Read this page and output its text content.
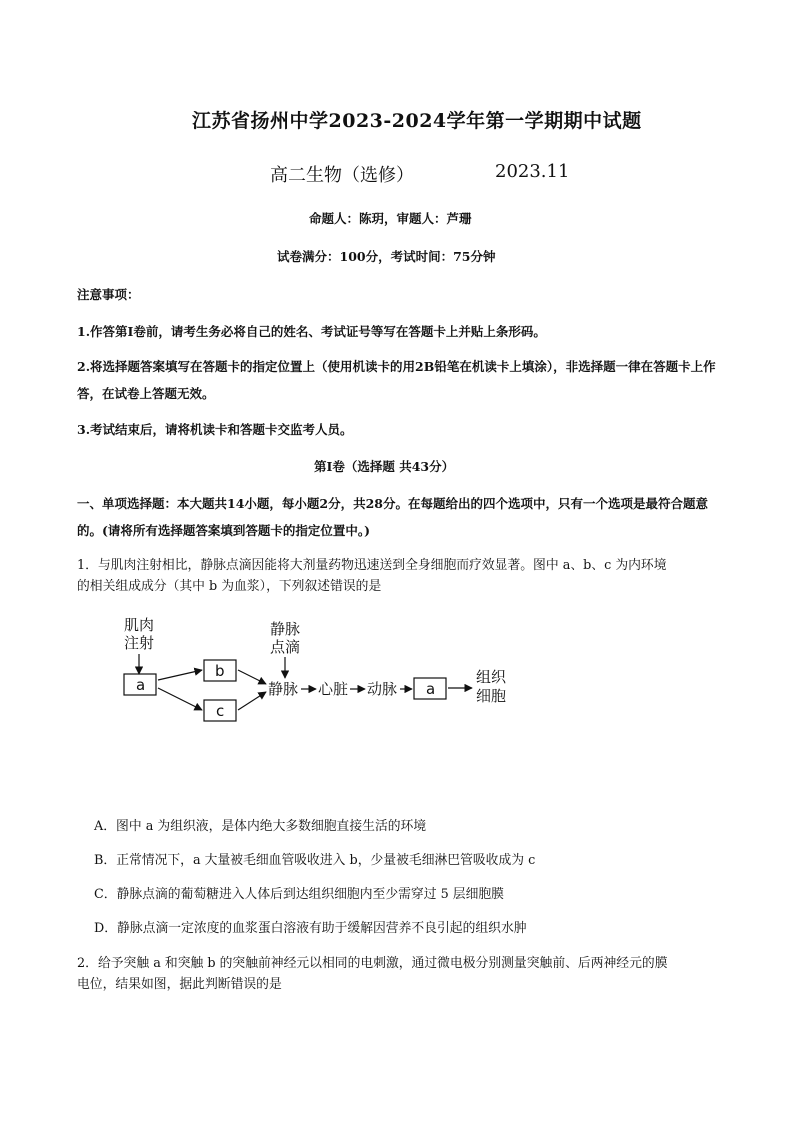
江苏省扬州中学2023-2024学年第一学期期中试题
高二生物（选修）	2023.11
命题人：陈玥，审题人：芦珊
试卷满分：100分，考试时间：75分钟
注意事项：
1.作答第Ⅰ卷前，请考生务必将自己的姓名、考试证号等写在答题卡上并贴上条形码。
2.将选择题答案填写在答题卡的指定位置上（使用机读卡的用2B铅笔在机读卡上填涂），非选择题一律在答题卡上作答，在试卷上答题无效。
3.考试结束后，请将机读卡和答题卡交监考人员。
第Ⅰ卷（选择题 共43分）
一、单项选择题：本大题共14小题，每小题2分，共28分。在每题给出的四个选项中，只有一个选项是最符合题意的。(请将所有选择题答案填到答题卡的指定位置中。)
1．与肌肉注射相比，静脉点滴因能将大剂量药物迅速送到全身细胞而疗效显著。图中 a、b、c 为内环境
的相关组成成分（其中 b 为血浆），下列叙述错误的是
肌肉
注射
静脉
点滴
a
b
c
静脉 心脏 动脉 a
组织
细胞
A．图中 a 为组织液，是体内绝大多数细胞直接生活的环境
B．正常情况下，a 大量被毛细血管吸收进入 b，少量被毛细淋巴管吸收成为 c
C．静脉点滴的葡萄糖进入人体后到达组织细胞内至少需穿过 5 层细胞膜
D．静脉点滴一定浓度的血浆蛋白溶液有助于缓解因营养不良引起的组织水肿
2．给予突触 a 和突触 b 的突触前神经元以相同的电刺激，通过微电极分别测量突触前、后两神经元的膜
电位，结果如图，据此判断错误的是
